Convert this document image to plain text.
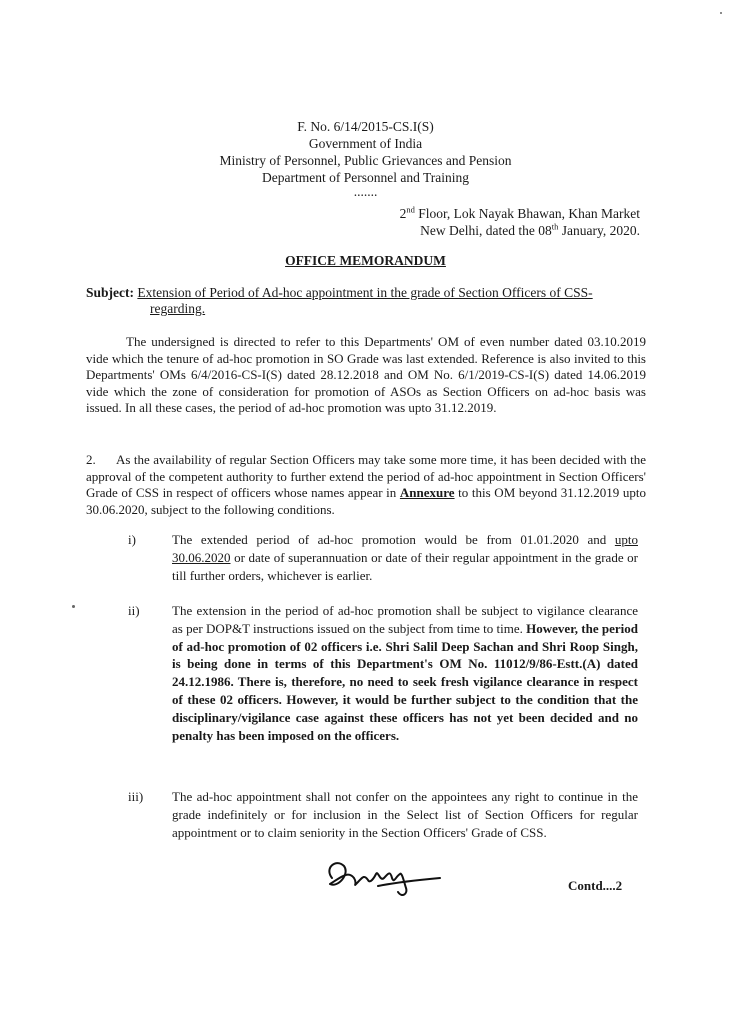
F. No. 6/14/2015-CS.I(S)
Government of India
Ministry of Personnel, Public Grievances and Pension
Department of Personnel and Training
.......
2nd Floor, Lok Nayak Bhawan, Khan Market
New Delhi, dated the 08th January, 2020.
OFFICE MEMORANDUM
Subject: Extension of Period of Ad-hoc appointment in the grade of Section Officers of CSS-
regarding.
The undersigned is directed to refer to this Departments' OM of even number dated 03.10.2019 vide which the tenure of ad-hoc promotion in SO Grade was last extended. Reference is also invited to this Departments' OMs 6/4/2016-CS-I(S) dated 28.12.2018 and OM No. 6/1/2019-CS-I(S) dated 14.06.2019 vide which the zone of consideration for promotion of ASOs as Section Officers on ad-hoc basis was issued. In all these cases, the period of ad-hoc promotion was upto 31.12.2019.
2. As the availability of regular Section Officers may take some more time, it has been decided with the approval of the competent authority to further extend the period of ad-hoc appointment in Section Officers' Grade of CSS in respect of officers whose names appear in Annexure to this OM beyond 31.12.2019 upto 30.06.2020, subject to the following conditions.
i)	The extended period of ad-hoc promotion would be from 01.01.2020 and upto 30.06.2020 or date of superannuation or date of their regular appointment in the grade or till further orders, whichever is earlier.
ii) The extension in the period of ad-hoc promotion shall be subject to vigilance clearance as per DOP&T instructions issued on the subject from time to time. However, the period of ad-hoc promotion of 02 officers i.e. Shri Salil Deep Sachan and Shri Roop Singh, is being done in terms of this Department's OM No. 11012/9/86-Estt.(A) dated 24.12.1986. There is, therefore, no need to seek fresh vigilance clearance in respect of these 02 officers. However, it would be further subject to the condition that the disciplinary/vigilance case against these officers has not yet been decided and no penalty has been imposed on the officers.
iii) The ad-hoc appointment shall not confer on the appointees any right to continue in the grade indefinitely or for inclusion in the Select list of Section Officers for regular appointment or to claim seniority in the Section Officers' Grade of CSS.
Contd....2
